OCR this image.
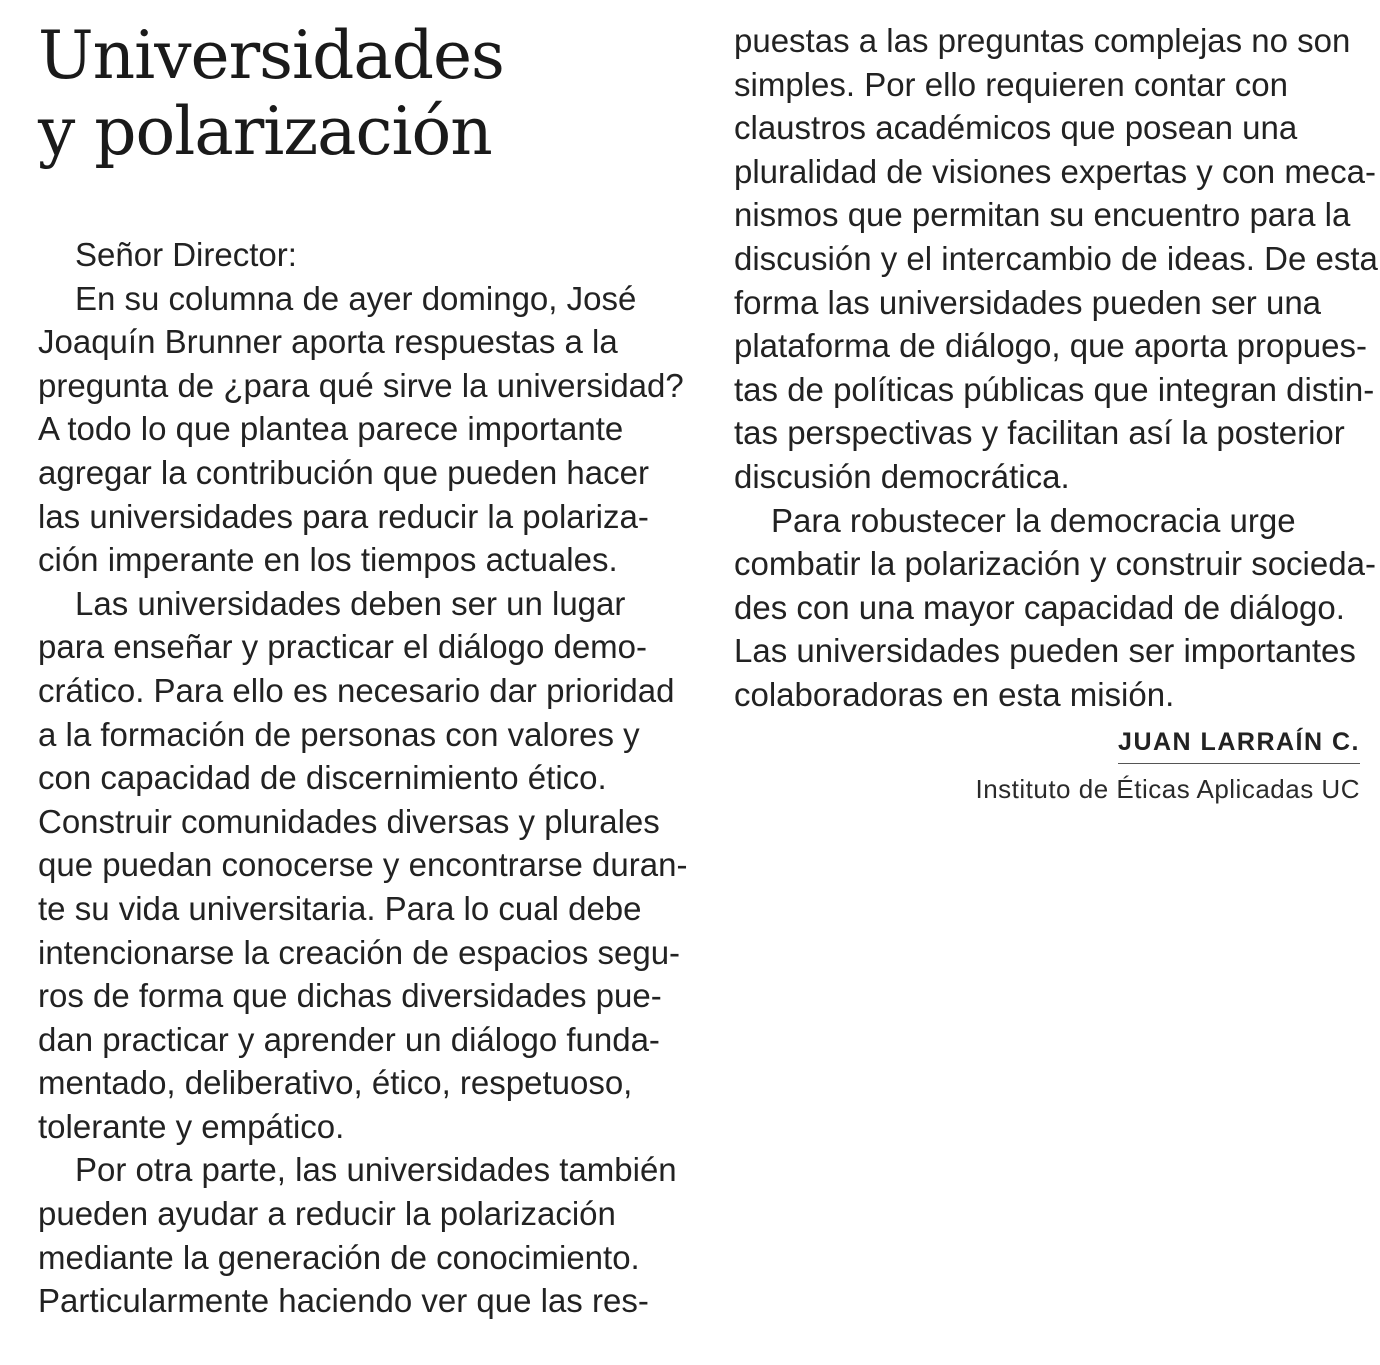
Universidades
y polarización
Señor Director:
En su columna de ayer domingo, José
Joaquín Brunner aporta respuestas a la
pregunta de ¿para qué sirve la universidad?
A todo lo que plantea parece importante
agregar la contribución que pueden hacer
las universidades para reducir la polariza-
ción imperante en los tiempos actuales.
Las universidades deben ser un lugar
para enseñar y practicar el diálogo demo-
crático. Para ello es necesario dar prioridad
a la formación de personas con valores y
con capacidad de discernimiento ético.
Construir comunidades diversas y plurales
que puedan conocerse y encontrarse duran-
te su vida universitaria. Para lo cual debe
intencionarse la creación de espacios segu-
ros de forma que dichas diversidades pue-
dan practicar y aprender un diálogo funda-
mentado, deliberativo, ético, respetuoso,
tolerante y empático.
Por otra parte, las universidades también
pueden ayudar a reducir la polarización
mediante la generación de conocimiento.
Particularmente haciendo ver que las res-
puestas a las preguntas complejas no son
simples. Por ello requieren contar con
claustros académicos que posean una
pluralidad de visiones expertas y con meca-
nismos que permitan su encuentro para la
discusión y el intercambio de ideas. De esta
forma las universidades pueden ser una
plataforma de diálogo, que aporta propues-
tas de políticas públicas que integran distin-
tas perspectivas y facilitan así la posterior
discusión democrática.
Para robustecer la democracia urge
combatir la polarización y construir socieda-
des con una mayor capacidad de diálogo.
Las universidades pueden ser importantes
colaboradoras en esta misión.
JUAN LARRAÍN C.
Instituto de Éticas Aplicadas UC
